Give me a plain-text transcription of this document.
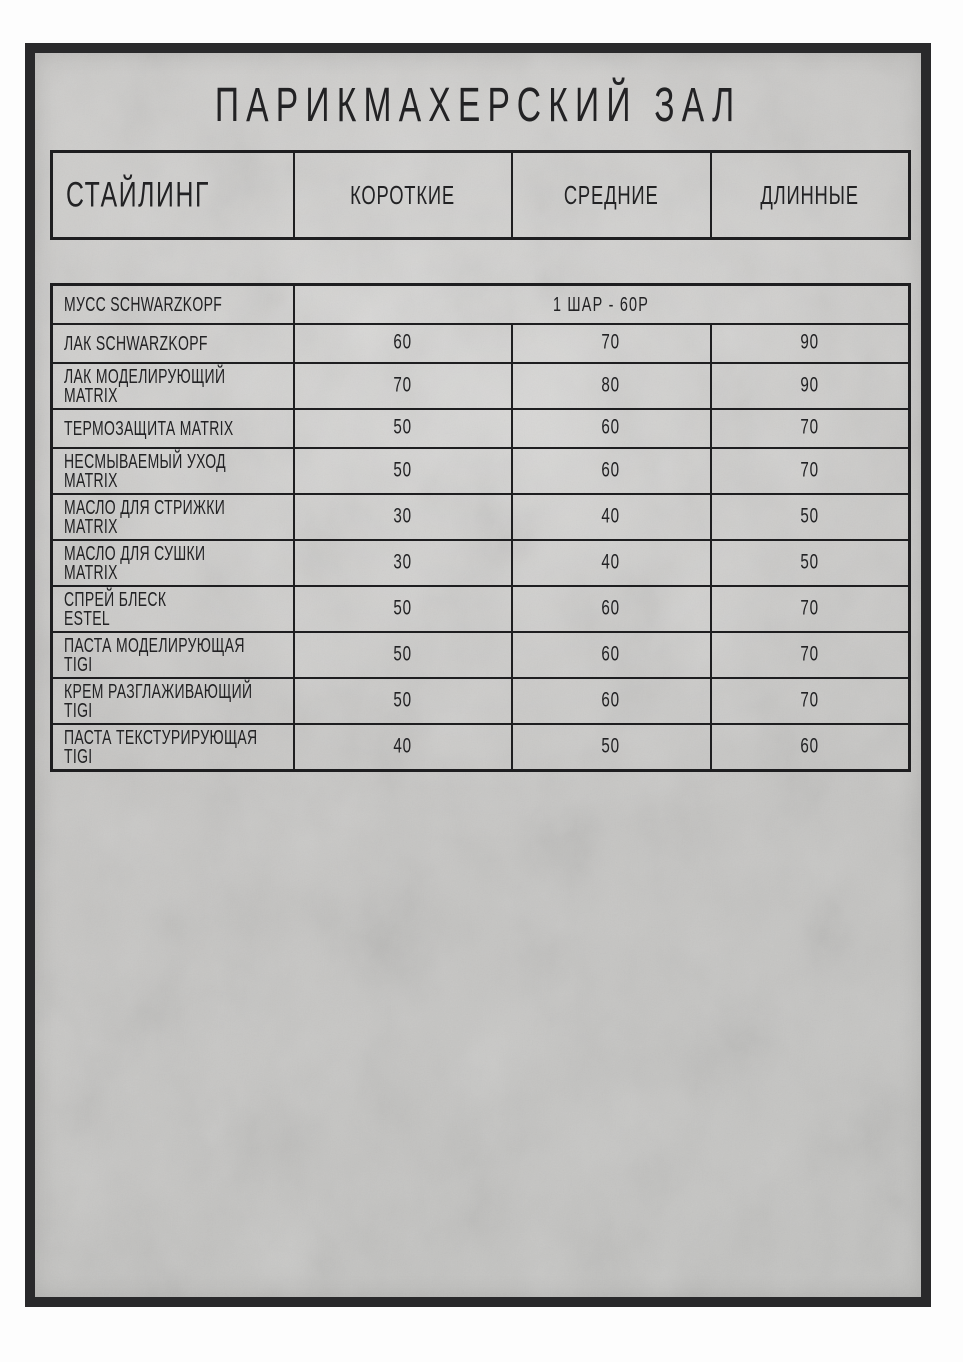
ПАРИКМАХЕРСКИЙ ЗАЛ
СТАЙЛИНГ	КОРОТКИЕ	СРЕДНИЕ	ДЛИННЫЕ
МУСС SCHWARZKOPF	1 ШАР - 60Р		

ЛАК SCHWARZKOPF	60	70	90

ЛАК МОДЕЛИРУЮЩИЙ
MATRIX	70	80	90

ТЕРМОЗАЩИТА MATRIX	50	60	70

НЕСМЫВАЕМЫЙ УХОД
MATRIX	50	60	70

МАСЛО ДЛЯ СТРИЖКИ
MATRIX	30	40	50

МАСЛО ДЛЯ СУШКИ
MATRIX	30	40	50

СПРЕЙ БЛЕСК
ESTEL	50	60	70

ПАСТА МОДЕЛИРУЮЩАЯ
TIGI	50	60	70

КРЕМ РАЗГЛАЖИВАЮЩИЙ
TIGI	50	60	70

ПАСТА ТЕКСТУРИРУЮЩАЯ
TIGI	40	50	60
